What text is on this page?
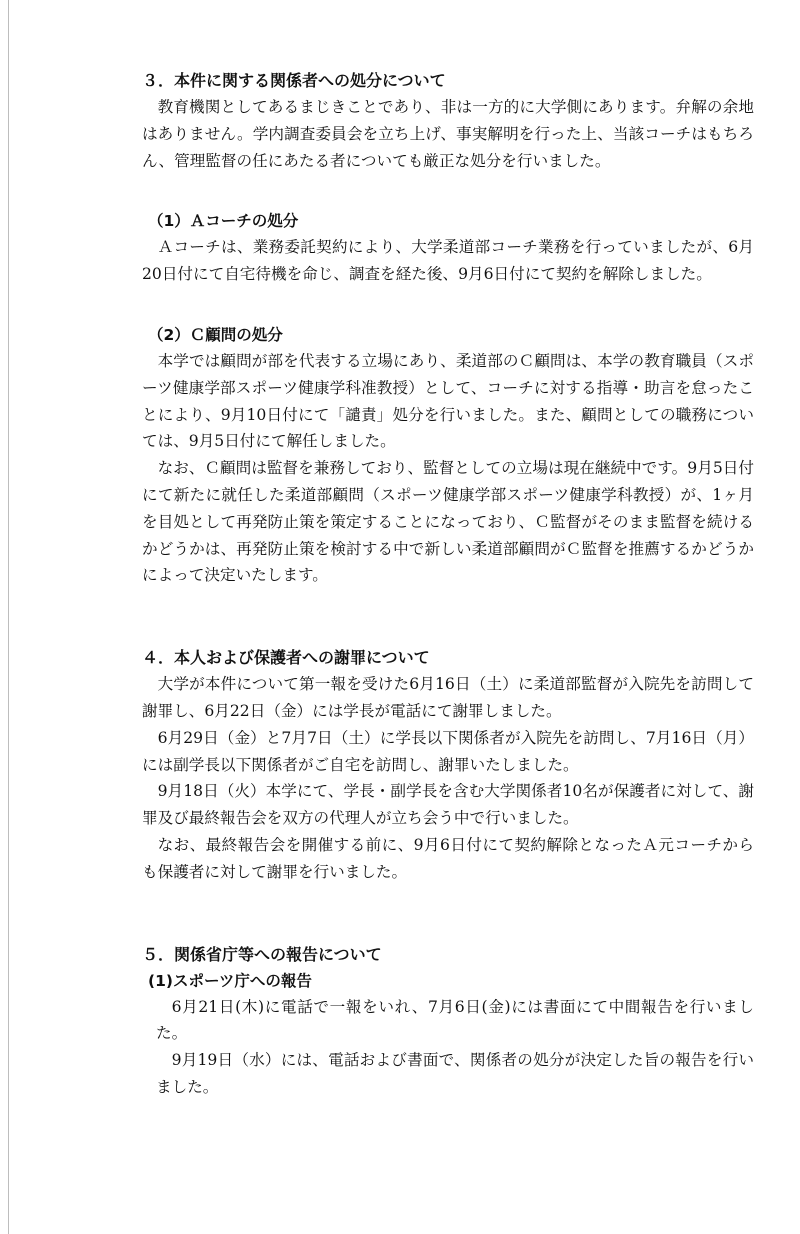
３．本件に関する関係者への処分について

教育機関としてあるまじきことであり、非は一方的に大学側にあります。弁解の余地はありません。学内調査委員会を立ち上げ、事実解明を行った上、当該コーチはもちろん、管理監督の任にあたる者についても厳正な処分を行いました。

（1）Ａコーチの処分

Ａコーチは、業務委託契約により、大学柔道部コーチ業務を行っていましたが、6月20日付にて自宅待機を命じ、調査を経た後、9月6日付にて契約を解除しました。

（2）Ｃ顧問の処分

本学では顧問が部を代表する立場にあり、柔道部のＣ顧問は、本学の教育職員（スポーツ健康学部スポーツ健康学科准教授）として、コーチに対する指導・助言を怠ったことにより、9月10日付にて「譴責」処分を行いました。また、顧問としての職務については、9月5日付にて解任しました。

なお、Ｃ顧問は監督を兼務しており、監督としての立場は現在継続中です。9月5日付にて新たに就任した柔道部顧問（スポーツ健康学部スポーツ健康学科教授）が、1ヶ月を目処として再発防止策を策定することになっており、Ｃ監督がそのまま監督を続けるかどうかは、再発防止策を検討する中で新しい柔道部顧問がＣ監督を推薦するかどうかによって決定いたします。

４．本人および保護者への謝罪について

大学が本件について第一報を受けた6月16日（土）に柔道部監督が入院先を訪問して謝罪し、6月22日（金）には学長が電話にて謝罪しました。

6月29日（金）と7月7日（土）に学長以下関係者が入院先を訪問し、7月16日（月）には副学長以下関係者がご自宅を訪問し、謝罪いたしました。

9月18日（火）本学にて、学長・副学長を含む大学関係者10名が保護者に対して、謝罪及び最終報告会を双方の代理人が立ち会う中で行いました。

なお、最終報告会を開催する前に、9月6日付にて契約解除となったＡ元コーチからも保護者に対して謝罪を行いました。

５．関係省庁等への報告について
(1)スポーツ庁への報告

6月21日(木)に電話で一報をいれ、7月6日(金)には書面にて中間報告を行いました。

9月19日（水）には、電話および書面で、関係者の処分が決定した旨の報告を行いました。
